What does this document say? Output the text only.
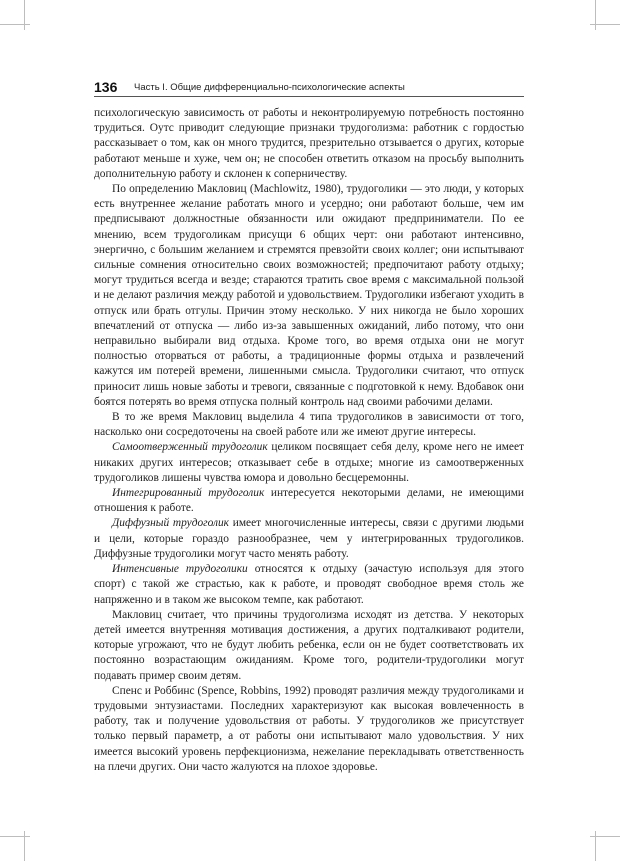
136 Часть I. Общие дифференциально-психологические аспекты

психологическую зависимость от работы и неконтролируемую потребность постоянно трудиться. Оутс приводит следующие признаки трудоголизма: работник с гордостью рассказывает о том, как он много трудится, презрительно отзывается о других, которые работают меньше и хуже, чем он; не способен ответить отказом на просьбу выполнить дополнительную работу и склонен к соперничеству.

По определению Макловиц (Machlowitz, 1980), трудоголики — это люди, у которых есть внутреннее желание работать много и усердно; они работают больше, чем им предписывают должностные обязанности или ожидают предприниматели. По ее мнению, всем трудоголикам присущи 6 общих черт: они работают интенсивно, энергично, с большим желанием и стремятся превзойти своих коллег; они испытывают сильные сомнения относительно своих возможностей; предпочитают работу отдыху; могут трудиться всегда и везде; стараются тратить свое время с максимальной пользой и не делают различия между работой и удовольствием. Трудоголики избегают уходить в отпуск или брать отгулы. Причин этому несколько. У них никогда не было хороших впечатлений от отпуска — либо из-за завышенных ожиданий, либо потому, что они неправильно выбирали вид отдыха. Кроме того, во время отдыха они не могут полностью оторваться от работы, а традиционные формы отдыха и развлечений кажутся им потерей времени, лишенными смысла. Трудоголики считают, что отпуск приносит лишь новые заботы и тревоги, связанные с подготовкой к нему. Вдобавок они боятся потерять во время отпуска полный контроль над своими рабочими делами.

В то же время Макловиц выделила 4 типа трудоголиков в зависимости от того, насколько они сосредоточены на своей работе или же имеют другие интересы.

Самоотверженный трудоголик целиком посвящает себя делу, кроме него не имеет никаких других интересов; отказывает себе в отдыхе; многие из самоотверженных трудоголиков лишены чувства юмора и довольно бесцеремонны.

Интегрированный трудоголик интересуется некоторыми делами, не имеющими отношения к работе.

Диффузный трудоголик имеет многочисленные интересы, связи с другими людьми и цели, которые гораздо разнообразнее, чем у интегрированных трудоголиков. Диффузные трудоголики могут часто менять работу.

Интенсивные трудоголики относятся к отдыху (зачастую используя для этого спорт) с такой же страстью, как к работе, и проводят свободное время столь же напряженно и в таком же высоком темпе, как работают.

Макловиц считает, что причины трудоголизма исходят из детства. У некоторых детей имеется внутренняя мотивация достижения, а других подталкивают родители, которые угрожают, что не будут любить ребенка, если он не будет соответствовать их постоянно возрастающим ожиданиям. Кроме того, родители-трудоголики могут подавать пример своим детям.

Спенс и Роббинс (Spence, Robbins, 1992) проводят различия между трудоголиками и трудовыми энтузиастами. Последних характеризуют как высокая вовлеченность в работу, так и получение удовольствия от работы. У трудоголиков же присутствует только первый параметр, а от работы они испытывают мало удовольствия. У них имеется высокий уровень перфекционизма, нежелание перекладывать ответственность на плечи других. Они часто жалуются на плохое здоровье.
